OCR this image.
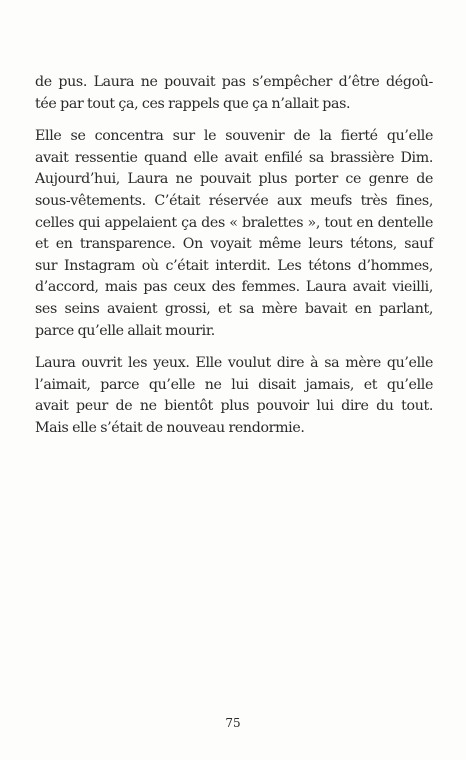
de pus. Laura ne pouvait pas s’empêcher d’être dégoû-
tée par tout ça, ces rappels que ça n’allait pas.
Elle se concentra sur le souvenir de la fierté qu’elle
avait ressentie quand elle avait enfilé sa brassière Dim.
Aujourd’hui, Laura ne pouvait plus porter ce genre de
sous-vêtements. C’était réservée aux meufs très fines,
celles qui appelaient ça des « bralettes », tout en dentelle
et en transparence. On voyait même leurs tétons, sauf
sur Instagram où c’était interdit. Les tétons d’hommes,
d’accord, mais pas ceux des femmes. Laura avait vieilli,
ses seins avaient grossi, et sa mère bavait en parlant,
parce qu’elle allait mourir.
Laura ouvrit les yeux. Elle voulut dire à sa mère qu’elle
l’aimait, parce qu’elle ne lui disait jamais, et qu’elle
avait peur de ne bientôt plus pouvoir lui dire du tout.
Mais elle s’était de nouveau rendormie.
75
